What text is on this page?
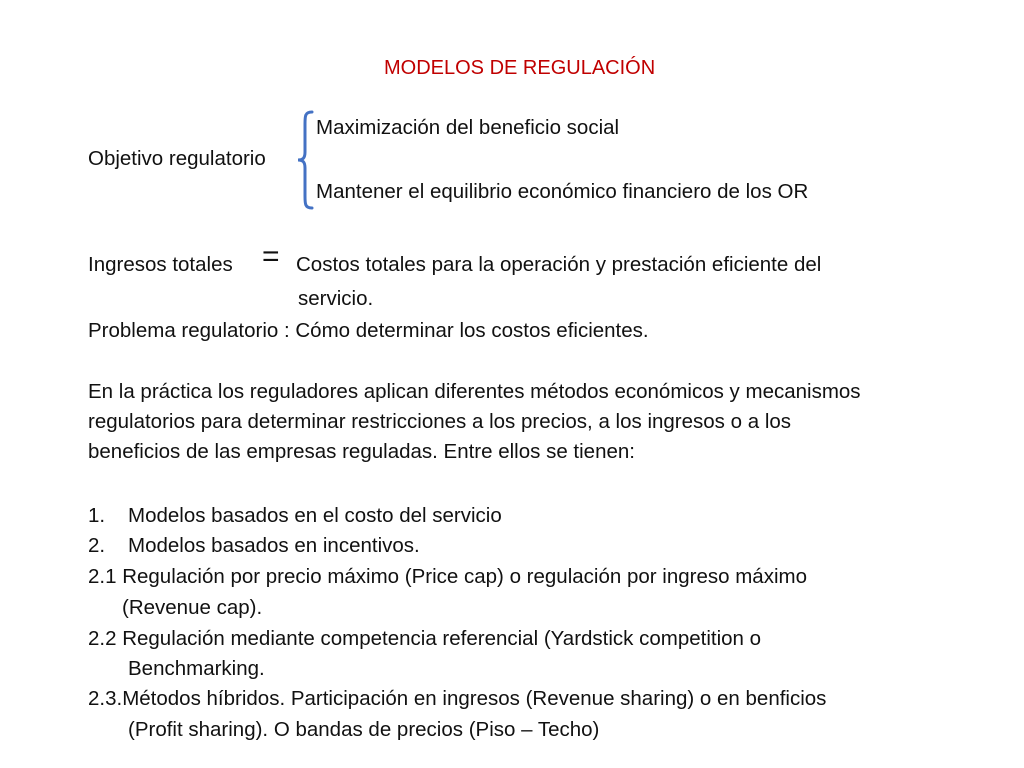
MODELOS DE REGULACIÓN
Maximización del beneficio social
Objetivo regulatorio
Mantener el equilibrio económico financiero de los OR
Ingresos totales = Costos totales para la operación y prestación eficiente del
servicio.
Problema regulatorio : Cómo determinar los costos eficientes.
En la práctica los reguladores aplican diferentes métodos económicos y mecanismos
regulatorios para determinar restricciones a los precios, a los ingresos o a los
beneficios de las empresas reguladas. Entre ellos se tienen:
1. Modelos basados en el costo del servicio
2. Modelos basados en incentivos.
2.1 Regulación por precio máximo (Price cap) o regulación por ingreso máximo
(Revenue cap).
2.2 Regulación mediante competencia referencial (Yardstick competition o
Benchmarking.
2.3.Métodos híbridos. Participación en ingresos (Revenue sharing) o en benficios
(Profit sharing). O bandas de precios (Piso – Techo)
